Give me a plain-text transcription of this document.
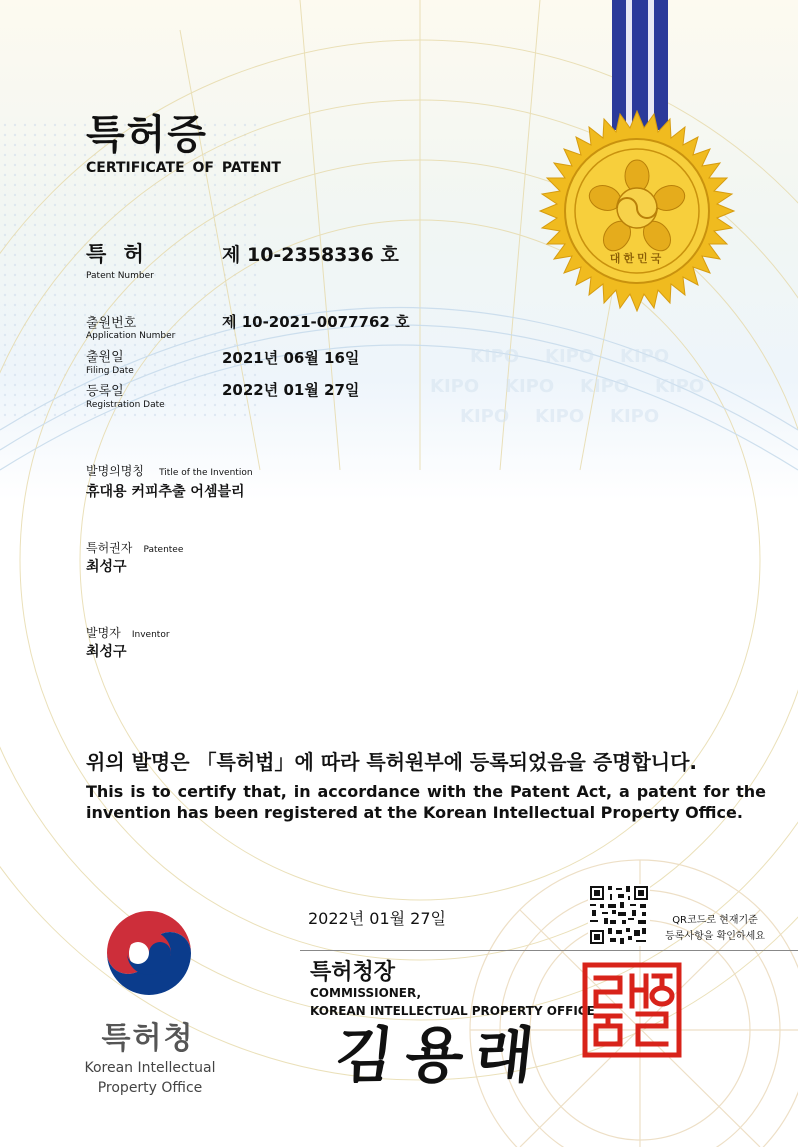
KIPO KIPO KIPO
KIPO KIPO KIPO KIPO
KIPO KIPO KIPO
대한민국
특허증
CERTIFICATE OF PATENT
특 허
Patent Number
제 10-2358336 호
출원번호
Application Number
제 10-2021-0077762 호
출원일
Filing Date
2021년 06월 16일
등록일
Registration Date
2022년 01월 27일
발명의명칭 Title of the Invention
휴대용 커피추출 어셈블리
특허권자 Patentee
최성구
발명자 Inventor
최성구
위의 발명은 「특허법」에 따라 특허원부에 등록되었음을 증명합니다.
This is to certify that, in accordance with the Patent Act, a patent for the invention has been registered at the Korean Intellectual Property Office.
2022년 01월 27일	QR코드로 현재기준
등록사항을 확인하세요
특허청장
COMMISSIONER,
KOREAN INTELLECTUAL PROPERTY OFFICE
김용래
특허청
Korean Intellectual
Property Office
